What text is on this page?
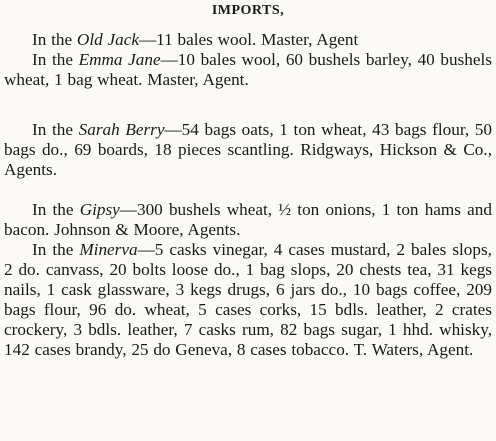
IMPORTS,

In the Old Jack—11 bales wool. Master, Agent

In the Emma Jane—10 bales wool, 60 bushels barley, 40 bushels wheat, 1 bag wheat. Master, Agent.

In the Sarah Berry—54 bags oats, 1 ton wheat, 43 bags flour, 50 bags do., 69 boards, 18 pieces scantling. Ridgways, Hickson & Co., Agents.

In the Gipsy—300 bushels wheat, ½ ton onions, 1 ton hams and bacon. Johnson & Moore, Agents.

In the Minerva—5 casks vinegar, 4 cases mustard, 2 bales slops, 2 do. canvass, 20 bolts loose do., 1 bag slops, 20 chests tea, 31 kegs nails, 1 cask glassware, 3 kegs drugs, 6 jars do., 10 bags coffee, 209 bags flour, 96 do. wheat, 5 cases corks, 15 bdls. leather, 2 crates crockery, 3 bdls. leather, 7 casks rum, 82 bags sugar, 1 hhd. whisky, 142 cases brandy, 25 do Geneva, 8 cases tobacco. T. Waters, Agent.
